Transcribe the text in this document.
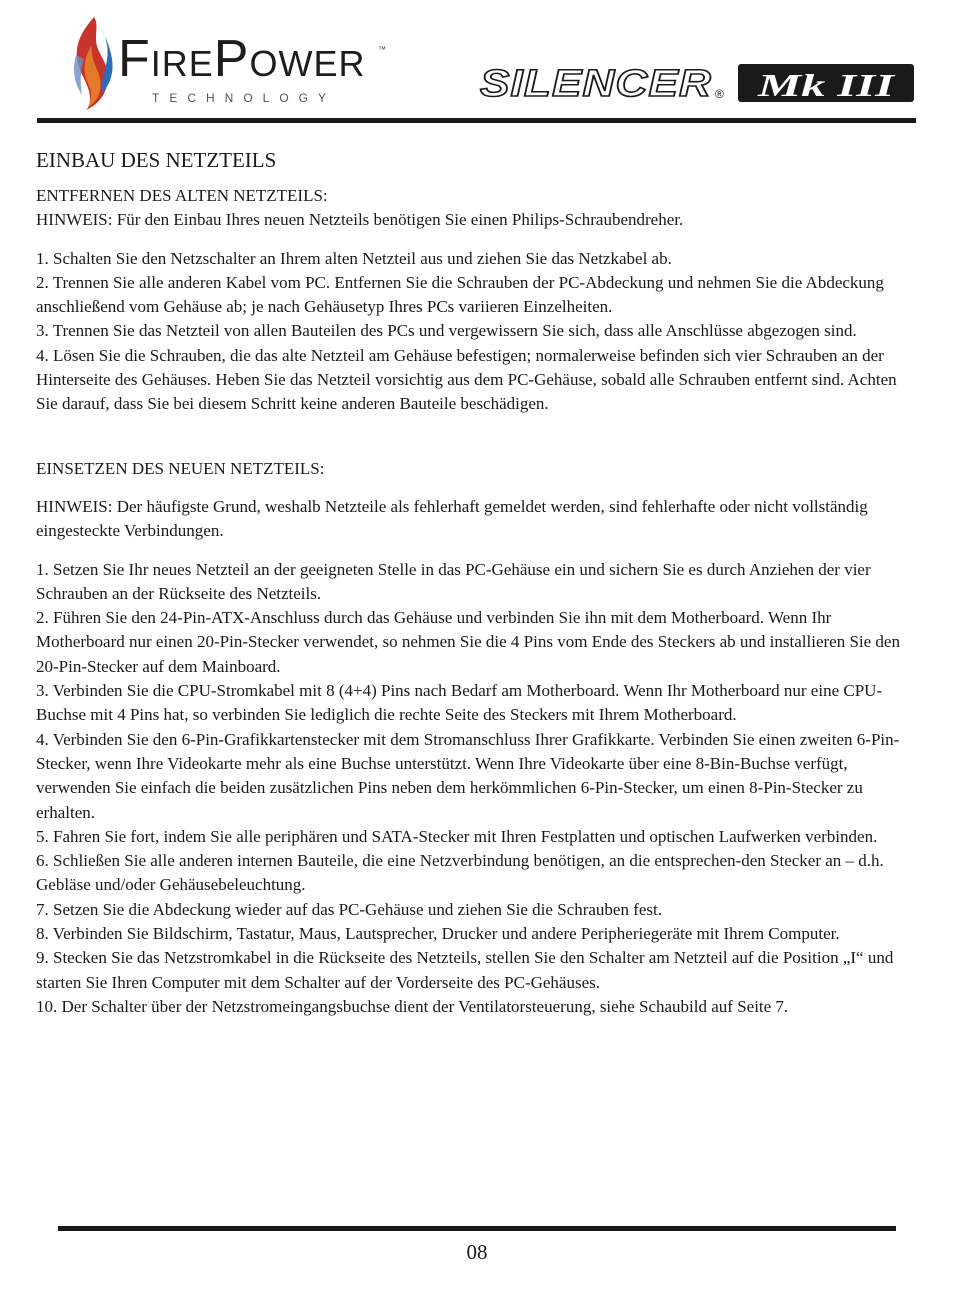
FirePower ™
TECHNOLOGY	SILENCER ® Mk III
EINBAU DES NETZTEILS

ENTFERNEN DES ALTEN NETZTEILS:

HINWEIS: Für den Einbau Ihres neuen Netzteils benötigen Sie einen Philips-Schraubendreher.

1. Schalten Sie den Netzschalter an Ihrem alten Netzteil aus und ziehen Sie das Netzkabel ab.

2. Trennen Sie alle anderen Kabel vom PC. Entfernen Sie die Schrauben der PC-Abdeckung und nehmen Sie die Abdeckung anschließend vom Gehäuse ab; je nach Gehäusetyp Ihres PCs variieren Einzelheiten.

3. Trennen Sie das Netzteil von allen Bauteilen des PCs und vergewissern Sie sich, dass alle Anschlüsse abgezogen sind.

4. Lösen Sie die Schrauben, die das alte Netzteil am Gehäuse befestigen; normalerweise befinden sich vier Schrauben an der Hinterseite des Gehäuses. Heben Sie das Netzteil vorsichtig aus dem PC-Gehäuse, sobald alle Schrauben entfernt sind. Achten Sie darauf, dass Sie bei diesem Schritt keine anderen Bauteile beschädigen.

EINSETZEN DES NEUEN NETZTEILS:

HINWEIS: Der häufigste Grund, weshalb Netzteile als fehlerhaft gemeldet werden, sind fehlerhafte oder nicht vollständig eingesteckte Verbindungen.

1. Setzen Sie Ihr neues Netzteil an der geeigneten Stelle in das PC-Gehäuse ein und sichern Sie es durch Anziehen der vier Schrauben an der Rückseite des Netzteils.

2. Führen Sie den 24-Pin-ATX-Anschluss durch das Gehäuse und verbinden Sie ihn mit dem Motherboard. Wenn Ihr Motherboard nur einen 20-Pin-Stecker verwendet, so nehmen Sie die 4 Pins vom Ende des Steckers ab und installieren Sie den 20-Pin-Stecker auf dem Mainboard.

3. Verbinden Sie die CPU-Stromkabel mit 8 (4+4) Pins nach Bedarf am Motherboard. Wenn Ihr Motherboard nur eine CPU-Buchse mit 4 Pins hat, so verbinden Sie lediglich die rechte Seite des Steckers mit Ihrem Motherboard.

4. Verbinden Sie den 6-Pin-Grafikkartenstecker mit dem Stromanschluss Ihrer Grafikkarte. Verbinden Sie einen zweiten 6-Pin-Stecker, wenn Ihre Videokarte mehr als eine Buchse unterstützt. Wenn Ihre Videokarte über eine 8-Bin-Buchse verfügt, verwenden Sie einfach die beiden zusätzlichen Pins neben dem herkömmlichen 6-Pin-Stecker, um einen 8-Pin-Stecker zu erhalten.

5. Fahren Sie fort, indem Sie alle periphären und SATA-Stecker mit Ihren Festplatten und optischen Laufwerken verbinden.

6. Schließen Sie alle anderen internen Bauteile, die eine Netzverbindung benötigen, an die entsprechen-den Stecker an – d.h. Gebläse und/oder Gehäusebeleuchtung.

7. Setzen Sie die Abdeckung wieder auf das PC-Gehäuse und ziehen Sie die Schrauben fest.

8. Verbinden Sie Bildschirm, Tastatur, Maus, Lautsprecher, Drucker und andere Peripheriegeräte mit Ihrem Computer.

9. Stecken Sie das Netzstromkabel in die Rückseite des Netzteils, stellen Sie den Schalter am Netzteil auf die Position „I“ und starten Sie Ihren Computer mit dem Schalter auf der Vorderseite des PC-Gehäuses.

10. Der Schalter über der Netzstromeingangsbuchse dient der Ventilatorsteuerung, siehe Schaubild auf Seite 7.

08
